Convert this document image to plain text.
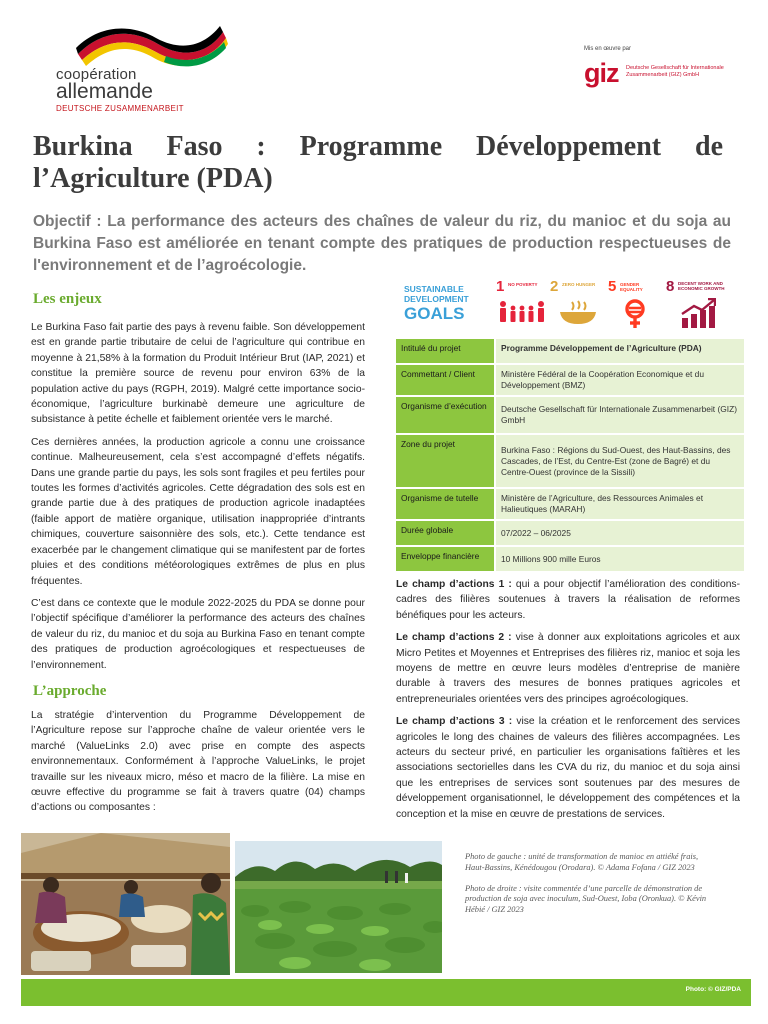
coopération
allemande
DEUTSCHE ZUSAMMENARBEIT
Mis en œuvre par
giz Deutsche Gesellschaft für Internationale Zusammenarbeit (GIZ) GmbH
Burkina Faso : Programme Développement de l’Agriculture (PDA)
Objectif : La performance des acteurs des chaînes de valeur du riz, du manioc et du soja au Burkina Faso est améliorée en tenant compte des pratiques de production respectueuses de l'environnement et de l’agroécologie.
Les enjeux

Le Burkina Faso fait partie des pays à revenu faible. Son développement est en grande partie tributaire de celui de l’agriculture qui contribue en moyenne à 21,58% à la formation du Produit Intérieur Brut (IAP, 2021) et constitue la première source de revenu pour environ 63% de la population active du pays (RGPH, 2019). Malgré cette importance socio-économique, l’agriculture burkinabè demeure une agriculture de subsistance à petite échelle et faiblement orientée vers le marché.

Ces dernières années, la production agricole a connu une croissance continue. Malheureusement, cela s’est accompagné d’effets négatifs. Dans une grande partie du pays, les sols sont fragiles et peu fertiles pour toutes les formes d’activités agricoles. Cette dégradation des sols est en grande partie due à des pratiques de production agricole inadaptées (faible apport de matière organique, utilisation inappropriée d’intrants chimiques, couverture saisonnière des sols, etc.). Cette tendance est exacerbée par le changement climatique qui se manifestent par de fortes pluies et des conditions météorologiques extrêmes de plus en plus fréquentes.

C’est dans ce contexte que le module 2022-2025 du PDA se donne pour l’objectif spécifique d’améliorer la performance des acteurs des chaînes de valeur du riz, du manioc et du soja au Burkina Faso en tenant compte des pratiques de production agroécologiques et respectueuses de l’environnement.

L’approche

La stratégie d’intervention du Programme Développement de l’Agriculture repose sur l’approche chaîne de valeur orientée vers le marché (ValueLinks 2.0) avec prise en compte des aspects environnementaux. Conformément à l’approche ValueLinks, le projet travaille sur les niveaux micro, méso et macro de la filière. La mise en œuvre effective du programme se fait à travers quatre (04) champs d’actions ou composantes :

SUSTAINABLE
DEVELOPMENT
GOALS
1 NO POVERTY 2 ZERO HUNGER 5 GENDER EQUALITY	8 DECENT WORK AND ECONOMIC GROWTH
Intitulé du projet	Programme Développement de l’Agriculture (PDA)
Commettant / Client	Ministère Fédéral de la Coopération Economique et du Développement (BMZ)
Organisme d’exécution	Deutsche Gesellschaft für Internationale Zusammenarbeit (GIZ) GmbH
Zone du projet	Burkina Faso : Régions du Sud-Ouest, des Haut-Bassins, des Cascades, de l’Est, du Centre-Est (zone de Bagré) et du Centre-Ouest (province de la Sissili)
Organisme de tutelle	Ministère de l’Agriculture, des Ressources Animales et Halieutiques (MARAH)
Durée globale	07/2022 – 06/2025
Enveloppe financière	10 Millions 900 mille Euros

Le champ d’actions 1 : qui a pour objectif l’amélioration des conditions-cadres des filières soutenues à travers la réalisation de reformes bénéfiques pour les acteurs.

Le champ d’actions 2 : vise à donner aux exploitations agricoles et aux Micro Petites et Moyennes et Entreprises des filières riz, manioc et soja les moyens de mettre en œuvre leurs modèles d’entreprise de manière durable à travers des mesures de bonnes pratiques agricoles et entrepreneuriales orientées vers des principes agroécologiques.

Le champ d’actions 3 : vise la création et le renforcement des services agricoles le long des chaines de valeurs des filières accompagnées. Les acteurs du secteur privé, en particulier les organisations faîtières et les associations sectorielles dans les CVA du riz, du manioc et du soja ainsi que les entreprises de services sont soutenues par des mesures de développement organisationnel, le développement des compétences et la conception et la mise en œuvre de prestations de services.

Photo de gauche : unité de transformation de manioc en attiéké frais, Haut-Bassins, Kénédougou (Orodara). © Adama Fofana / GIZ 2023

Photo de droite : visite commentée d’une parcelle de démonstration de production de soja avec inoculum, Sud-Ouest, Ioba (Oronkua). © Kévin Hébié / GIZ 2023

Photo: © GIZ/PDA
